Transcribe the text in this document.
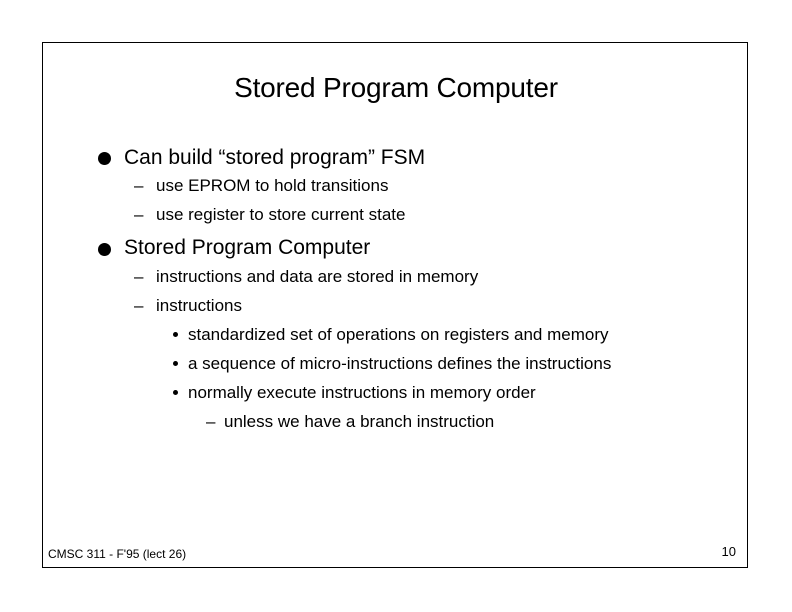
Stored Program Computer
Can build “stored program” FSM
– use EPROM to hold transitions
– use register to store current state
Stored Program Computer
– instructions and data are stored in memory
– instructions
standardized set of operations on registers and memory
a sequence of micro-instructions defines the instructions
normally execute instructions in memory order
– unless we have a branch instruction
CMSC 311 - F'95 (lect 26)	10
